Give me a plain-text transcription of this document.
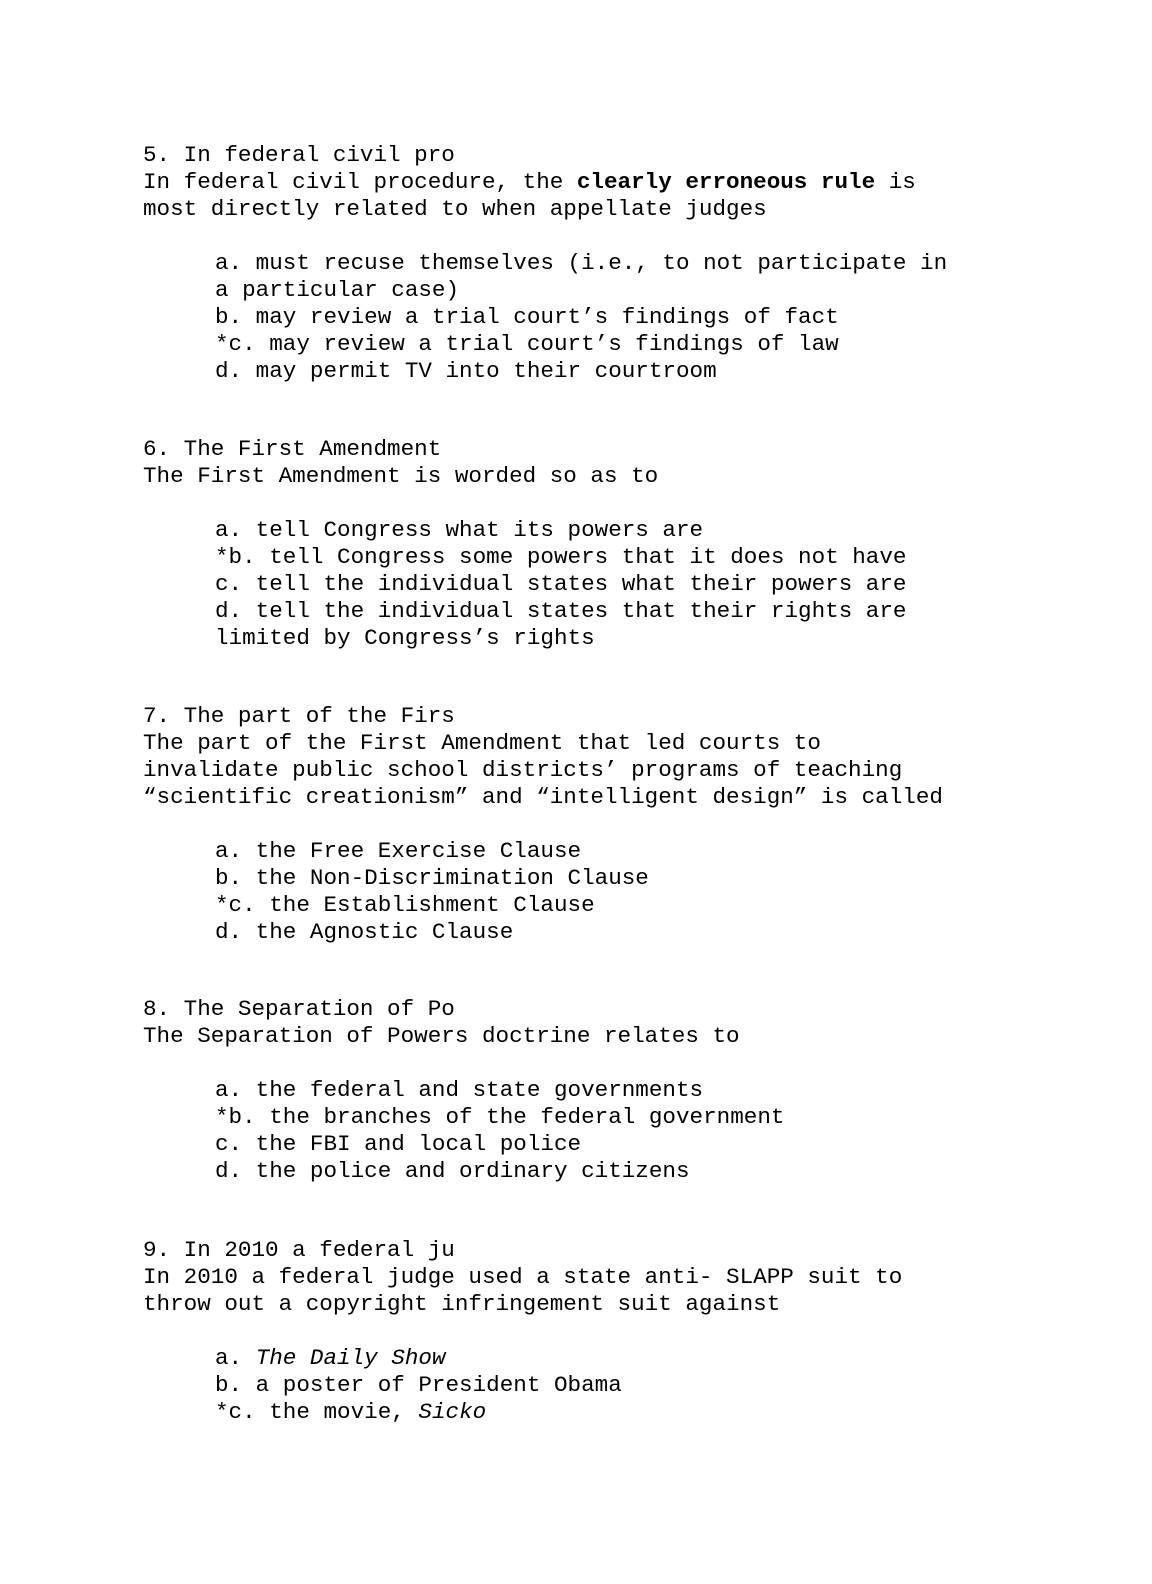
5. In federal civil pro
In federal civil procedure, the clearly erroneous rule is
most directly related to when appellate judges
a. must recuse themselves (i.e., to not participate in
a particular case)
b. may review a trial court’s findings of fact
*c. may review a trial court’s findings of law
d. may permit TV into their courtroom
6. The First Amendment
The First Amendment is worded so as to
a. tell Congress what its powers are
*b. tell Congress some powers that it does not have
c. tell the individual states what their powers are
d. tell the individual states that their rights are
limited by Congress’s rights
7. The part of the Firs
The part of the First Amendment that led courts to
invalidate public school districts’ programs of teaching
“scientific creationism” and “intelligent design” is called
a. the Free Exercise Clause
b. the Non-Discrimination Clause
*c. the Establishment Clause
d. the Agnostic Clause
8. The Separation of Po
The Separation of Powers doctrine relates to
a. the federal and state governments
*b. the branches of the federal government
c. the FBI and local police
d. the police and ordinary citizens
9. In 2010 a federal ju
In 2010 a federal judge used a state anti- SLAPP suit to
throw out a copyright infringement suit against
a. The Daily Show
b. a poster of President Obama
*c. the movie, Sicko
